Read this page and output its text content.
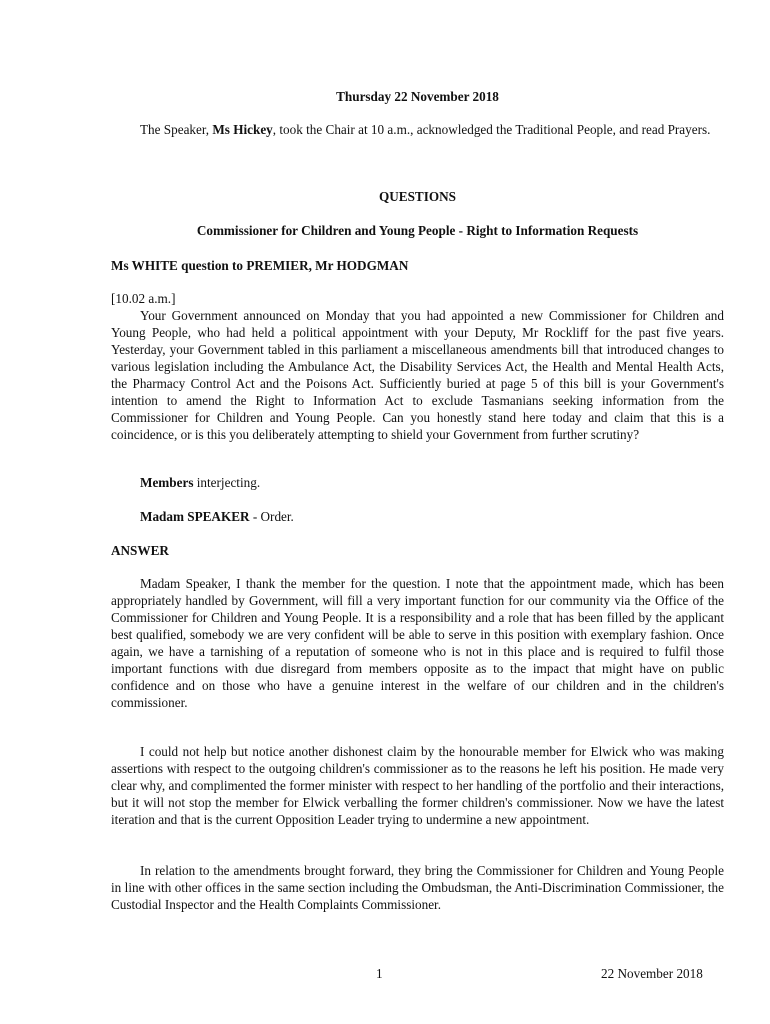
Thursday 22 November 2018

The Speaker, Ms Hickey, took the Chair at 10 a.m., acknowledged the Traditional People, and read Prayers.

QUESTIONS

Commissioner for Children and Young People - Right to Information Requests

Ms WHITE question to PREMIER, Mr HODGMAN

[10.02 a.m.]

Your Government announced on Monday that you had appointed a new Commissioner for Children and Young People, who had held a political appointment with your Deputy, Mr Rockliff for the past five years. Yesterday, your Government tabled in this parliament a miscellaneous amendments bill that introduced changes to various legislation including the Ambulance Act, the Disability Services Act, the Health and Mental Health Acts, the Pharmacy Control Act and the Poisons Act. Sufficiently buried at page 5 of this bill is your Government's intention to amend the Right to Information Act to exclude Tasmanians seeking information from the Commissioner for Children and Young People. Can you honestly stand here today and claim that this is a coincidence, or is this you deliberately attempting to shield your Government from further scrutiny?

Members interjecting.

Madam SPEAKER - Order.

ANSWER

Madam Speaker, I thank the member for the question. I note that the appointment made, which has been appropriately handled by Government, will fill a very important function for our community via the Office of the Commissioner for Children and Young People. It is a responsibility and a role that has been filled by the applicant best qualified, somebody we are very confident will be able to serve in this position with exemplary fashion. Once again, we have a tarnishing of a reputation of someone who is not in this place and is required to fulfil those important functions with due disregard from members opposite as to the impact that might have on public confidence and on those who have a genuine interest in the welfare of our children and in the children's commissioner.

I could not help but notice another dishonest claim by the honourable member for Elwick who was making assertions with respect to the outgoing children's commissioner as to the reasons he left his position. He made very clear why, and complimented the former minister with respect to her handling of the portfolio and their interactions, but it will not stop the member for Elwick verballing the former children's commissioner. Now we have the latest iteration and that is the current Opposition Leader trying to undermine a new appointment.

In relation to the amendments brought forward, they bring the Commissioner for Children and Young People in line with other offices in the same section including the Ombudsman, the Anti-Discrimination Commissioner, the Custodial Inspector and the Health Complaints Commissioner.

1	22 November 2018
